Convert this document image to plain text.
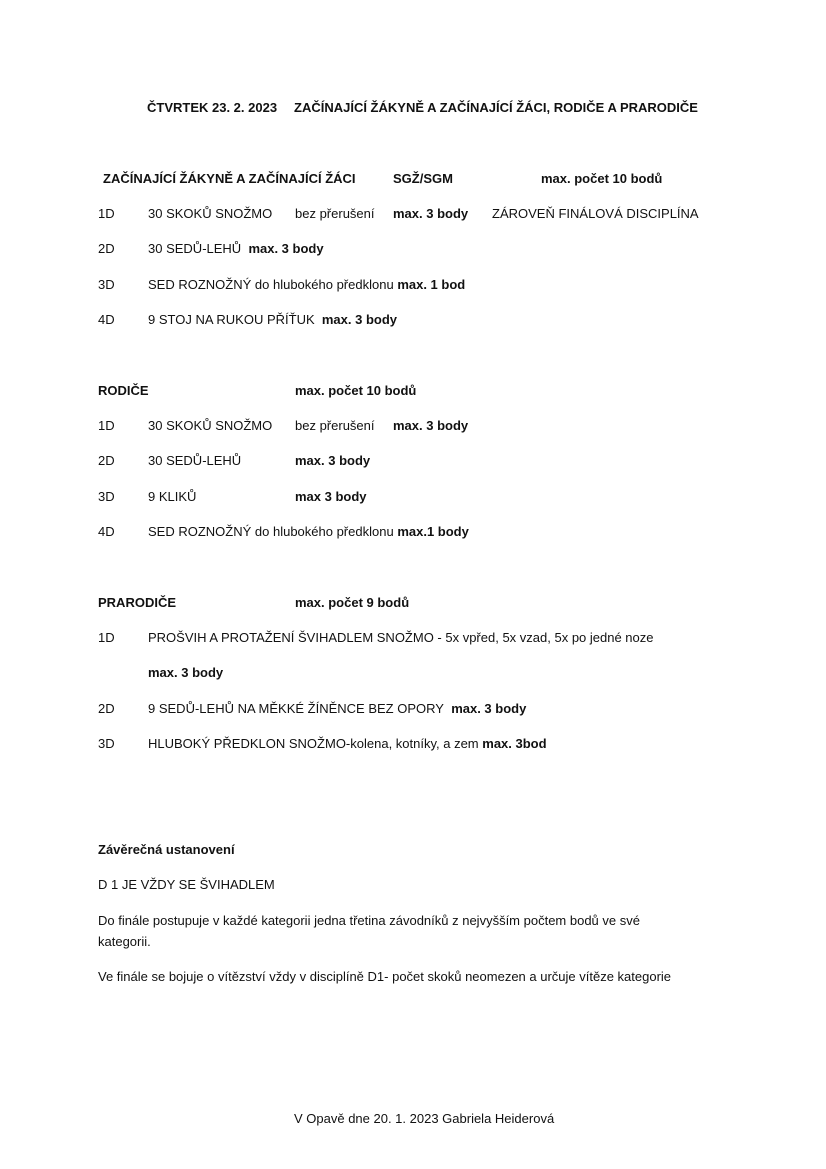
ČTVRTEK 23. 2. 2023 ZAČÍNAJÍCÍ ŽÁKYNĚ A ZAČÍNAJÍCÍ ŽÁCI, RODIČE A PRARODIČE
ZAČÍNAJÍCÍ ŽÁKYNĚ A ZAČÍNAJÍCÍ ŽÁCI	SGŽ/SGM	max. počet 10 bodů
1D	30 SKOKŮ SNOŽMO bez přerušení max. 3 body ZÁROVEŇ FINÁLOVÁ DISCIPLÍNA
2D	30 SEDŮ-LEHŮ max. 3 body
3D	SED ROZNOŽNÝ do hlubokého předklonu max. 1 bod
4D	9 STOJ NA RUKOU PŘÍŤUK max. 3 body
RODIČE	max. počet 10 bodů
1D	30 SKOKŮ SNOŽMO bez přerušení max. 3 body
2D	30 SEDŮ-LEHŮ	max. 3 body
3D	9 KLIKŮ	max 3 body
4D	SED ROZNOŽNÝ do hlubokého předklonu max.1 body
PRARODIČE	max. počet 9 bodů
1D	PROŠVIH A PROTAŽENÍ ŠVIHADLEM SNOŽMO - 5x vpřed, 5x vzad, 5x po jedné noze
max. 3 body
2D	9 SEDŮ-LEHŮ NA MĚKKÉ ŽÍNĚNCE BEZ OPORY max. 3 body
3D	HLUBOKÝ PŘEDKLON SNOŽMO-kolena, kotníky, a zem max. 3bod
Závěrečná ustanovení
D 1 JE VŽDY SE ŠVIHADLEM
Do finále postupuje v každé kategorii jedna třetina závodníků z nejvyšším počtem bodů ve své
kategorii.
Ve finále se bojuje o vítězství vždy v disciplíně D1- počet skoků neomezen a určuje vítěze kategorie
V Opavě dne 20. 1. 2023 Gabriela Heiderová
